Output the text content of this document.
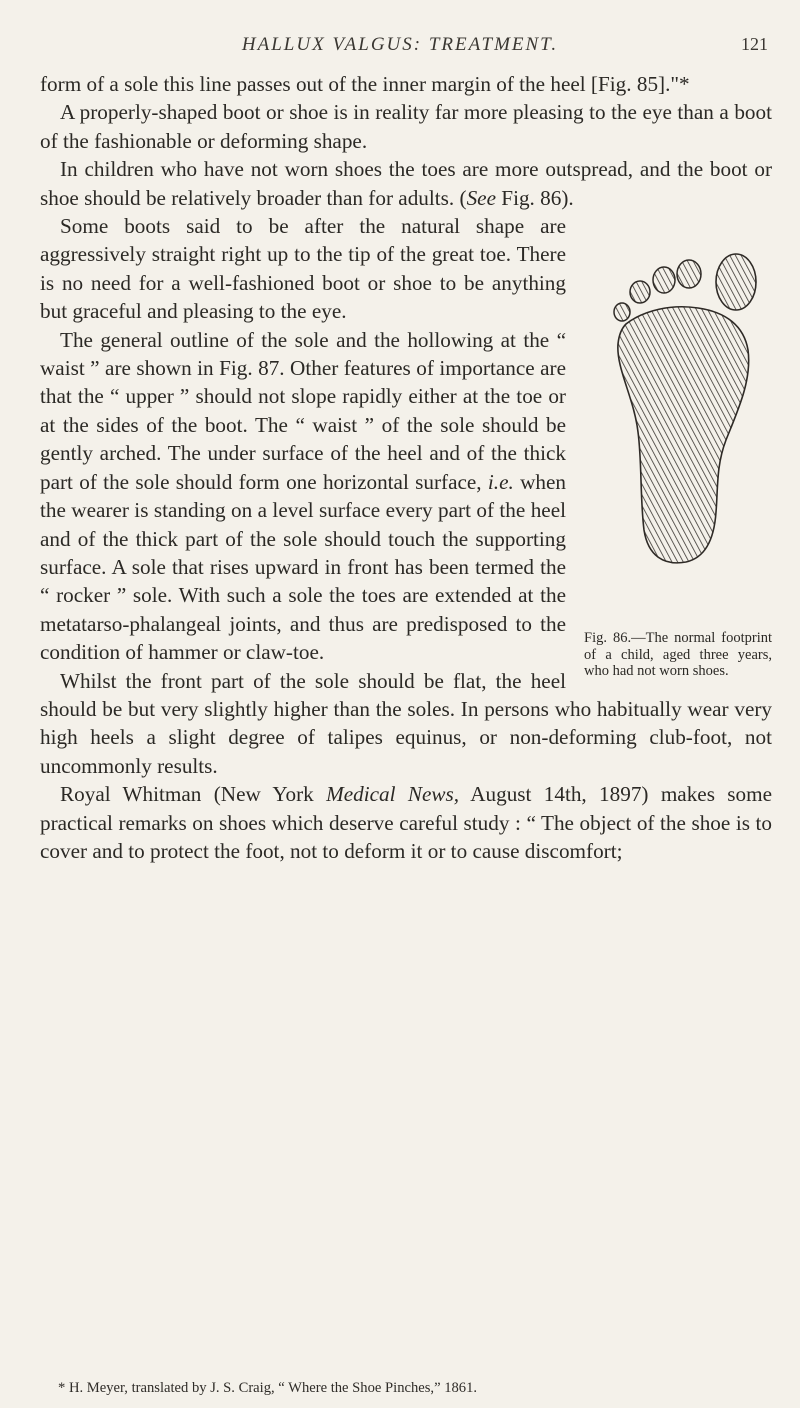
HALLUX VALGUS: TREATMENT.	121

form of a sole this line passes out of the inner margin of the heel [Fig. 85]."*

A properly-shaped boot or shoe is in reality far more pleasing to the eye than a boot of the fashionable or deforming shape.

In children who have not worn shoes the toes are more outspread, and the boot or shoe should be relatively broader than for adults. (See Fig. 86).

Fig. 86.—The normal footprint of a child, aged three years, who had not worn shoes.

Some boots said to be after the natural shape are aggressively straight right up to the tip of the great toe. There is no need for a well-fashioned boot or shoe to be anything but graceful and pleasing to the eye.

The general outline of the sole and the hollowing at the “ waist ” are shown in Fig. 87. Other features of importance are that the “ upper ” should not slope rapidly either at the toe or at the sides of the boot. The “ waist ” of the sole should be gently arched. The under surface of the heel and of the thick part of the sole should form one horizontal surface, i.e. when the wearer is standing on a level surface every part of the heel and of the thick part of the sole should touch the supporting surface. A sole that rises upward in front has been termed the “ rocker ” sole. With such a sole the toes are extended at the metatarso-phalangeal joints, and thus are predisposed to the condition of hammer or claw-toe.

Whilst the front part of the sole should be flat, the heel should be but very slightly higher than the soles. In persons who habitually wear very high heels a slight degree of talipes equinus, or non-deforming club-foot, not uncommonly results.

Royal Whitman (New York Medical News, August 14th, 1897) makes some practical remarks on shoes which deserve careful study : “ The object of the shoe is to cover and to protect the foot, not to deform it or to cause discomfort;

* H. Meyer, translated by J. S. Craig, “ Where the Shoe Pinches,” 1861.
